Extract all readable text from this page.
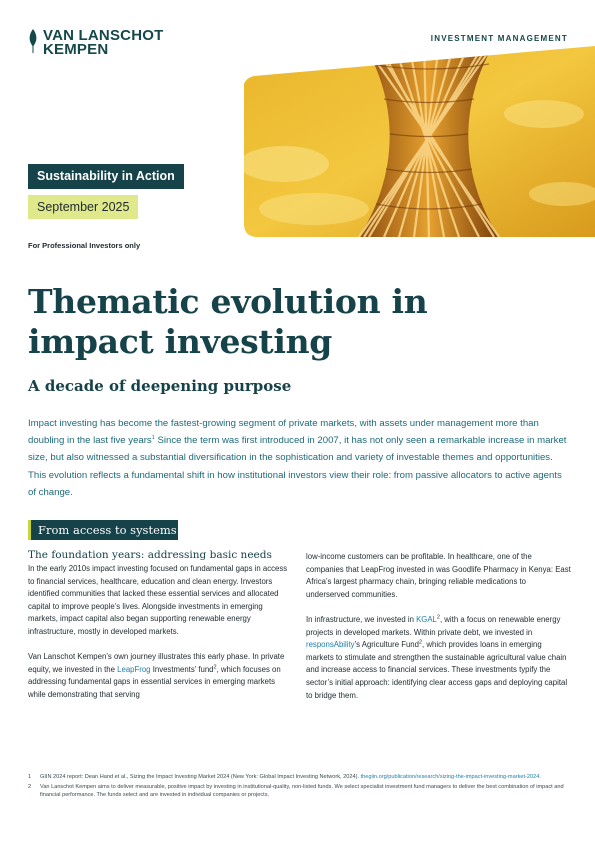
VAN LANSCHOT
KEMPEN
INVESTMENT MANAGEMENT
Sustainability in Action
September 2025
For Professional Investors only
Thematic evolution in impact investing
A decade of deepening purpose

Impact investing has become the fastest-growing segment of private markets, with assets under management more than doubling in the last five years$^1$ Since the term was first introduced in 2007, it has not only seen a remarkable increase in market size, but also witnessed a substantial diversification in the sophistication and variety of investable themes and opportunities. This evolution reflects a fundamental shift in how institutional investors view their role: from passive allocators to active agents of change.

From access to systems
The foundation years: addressing basic needs

In the early 2010s impact investing focused on fundamental gaps in access to financial services, healthcare, education and clean energy. Investors identified communities that lacked these essential services and allocated capital to improve people’s lives. Alongside investments in emerging markets, impact capital also began supporting renewable energy infrastructure, mostly in developed markets.

Van Lanschot Kempen’s own journey illustrates this early phase. In private equity, we invested in the LeapFrog Investments’ fund$^2$, which focuses on addressing fundamental gaps in essential services in emerging markets while demonstrating that serving

low-income customers can be profitable. In healthcare, one of the companies that LeapFrog invested in was Goodlife Pharmacy in Kenya: East Africa’s largest pharmacy chain, bringing reliable medications to underserved communities.

In infrastructure, we invested in KGAL$^2$, with a focus on renewable energy projects in developed markets. Within private debt, we invested in responsAbility’s Agriculture Fund$^2$, which provides loans in emerging markets to stimulate and strengthen the sustainable agricultural value chain and increase access to financial services. These investments typify the sector’s initial approach: identifying clear access gaps and deploying capital to bridge them.

1	GIIN 2024 report: Dean Hand et al., Sizing the Impact Investing Market 2024 (New York: Global Impact Investing Network, 2024). thegiin.org/publication/research/sizing-the-impact-investing-market-2024.
2	Van Lanschot Kempen aims to deliver measurable, positive impact by investing in institutional-quality, non-listed funds. We select specialist investment fund managers to deliver the best combination of impact and financial performance. The funds select and are invested in individual companies or projects.
